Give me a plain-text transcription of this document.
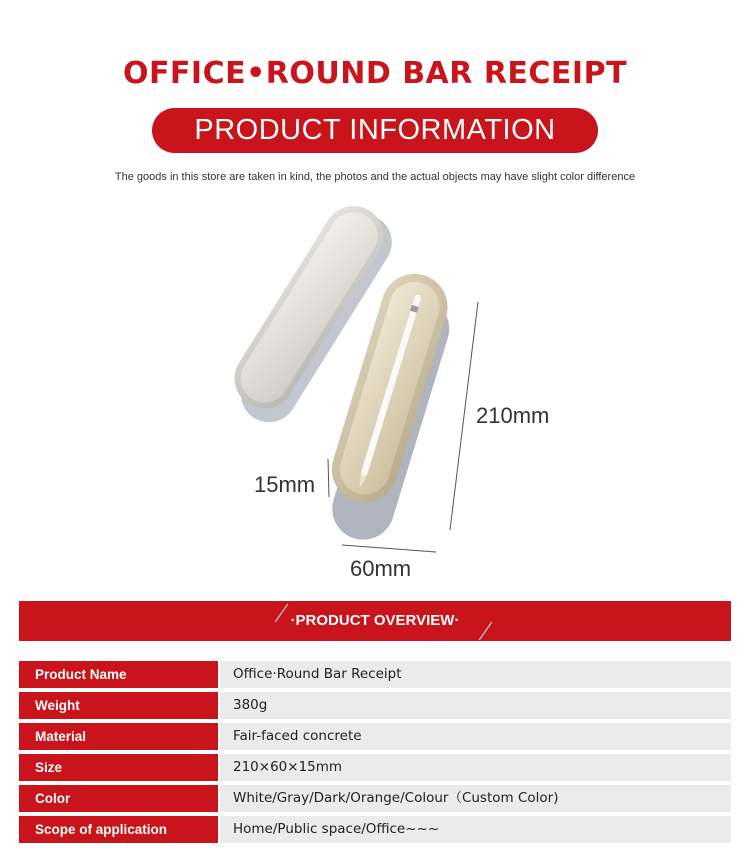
OFFICE•ROUND BAR RECEIPT
PRODUCT INFORMATION
The goods in this store are taken in kind, the photos and the actual objects may have slight color difference
210mm
15mm
60mm
·PRODUCT OVERVIEW·
Product Name	Office·Round Bar Receipt
Weight	380g
Material	Fair-faced concrete
Size	210×60×15mm
Color	White/Gray/Dark/Orange/Colour（Custom Color)
Scope of application	Home/Public space/Office~~~
